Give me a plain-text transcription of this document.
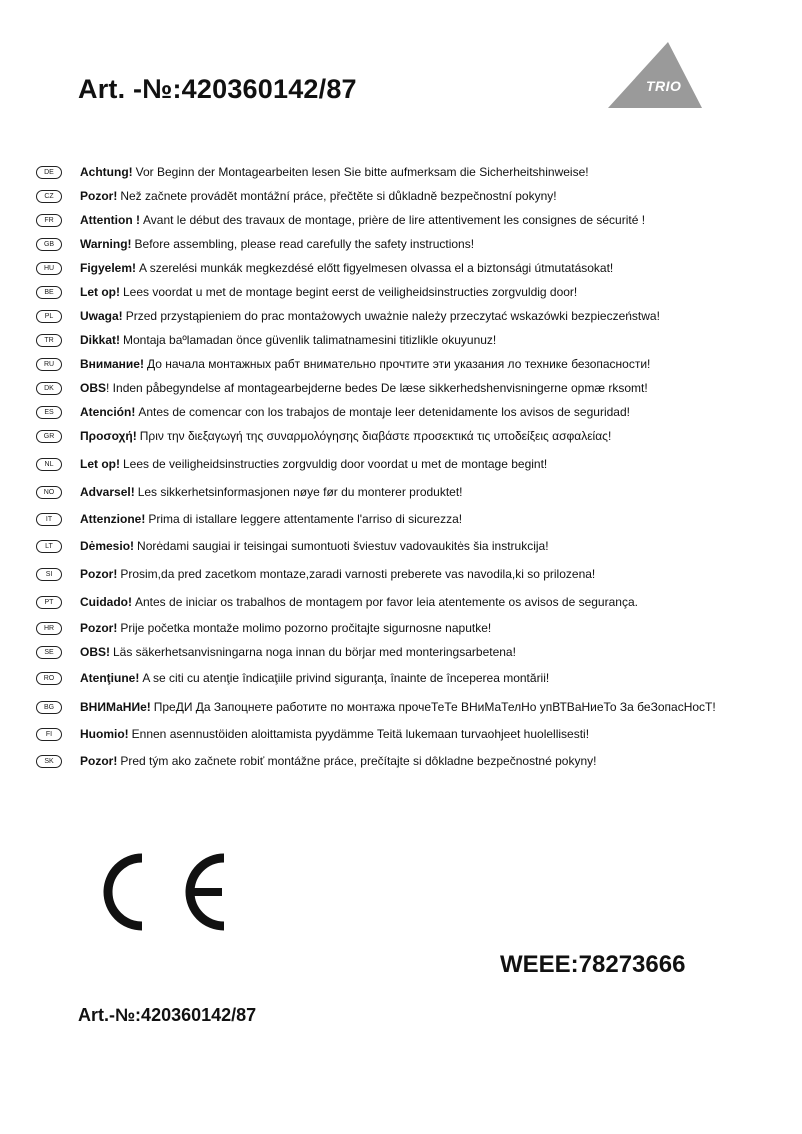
Art. -№:420360142/87	TRIO
DE	Achtung! Vor Beginn der Montagearbeiten lesen Sie bitte aufmerksam die Sicherheitshinweise!
CZ	Pozor! Než začnete provádět montážní práce, přečtěte si důkladně bezpečnostní pokyny!
FR	Attention ! Avant le début des travaux de montage, prière de lire attentivement les consignes de sécurité !
GB	Warning! Before assembling, please read carefully the safety instructions!
HU	Figyelem! A szerelési munkák megkezdésé előtt figyelmesen olvassa el a biztonsági útmutatásokat!
BE	Let op! Lees voordat u met de montage begint eerst de veiligheidsinstructies zorgvuldig door!
PL	Uwaga! Przed przystąpieniem do prac montażowych uważnie należy przeczytać wskazówki bezpieczeństwa!
TR	Dikkat! Montaja baºlamadan önce güvenlik talimatnamesini titizlikle okuyunuz!
RU	Внимание! До начала монтажных рабт внимательно прочтите эти указания ло технике безопасности!
DK	OBS ! Inden påbegyndelse af montagearbejderne bedes De læse sikkerhedshenvisningerne opmæ rksomt!
ES	Atención! Antes de comencar con los trabajos de montaje leer detenidamente los avisos de seguridad!
GR	Προσοχή! Πριν την διεξαγωγή της συναρμολόγησης διαβάστε προσεκτικά τις υποδείξεις ασφαλείας!
NL	Let op! Lees de veiligheidsinstructies zorgvuldig door voordat u met de montage begint!
NO	Advarsel! Les sikkerhetsinformasjonen nøye før du monterer produktet!
IT	Attenzione! Prima di istallare leggere attentamente l'arriso di sicurezza!
LT	Dėmesio! Norėdami saugiai ir teisingai sumontuoti šviestuv vadovaukitės šia instrukcija!
SI	Pozor! Prosim,da pred zacetkom montaze,zaradi varnosti preberete vas navodila,ki so prilozena!
PT	Cuidado! Antes de iniciar os trabalhos de montagem por favor leia atentemente os avisos de segurança.
HR	Pozor! Prije početka montaže molimo pozorno pročitajte sigurnosne naputke!
SE	OBS! Läs säkerhetsanvisningarna noga innan du börjar med monteringsarbetena!
RO	Atenţiune! A se citi cu atenţie îndicaţiile privind siguranţa, înainte de începerea montării!
BG	ВНИМаНИе! ПреДИ Да Запоцнете работите по монтажа прочеТеТе ВНиМаТелНо упВТВаНиеТо За беЗопасНосТ!
FI	Huomio! Ennen asennustöiden aloittamista pyydämme Teitä lukemaan turvaohjeet huolellisesti!
SK	Pozor! Pred tým ako začnete robiť montážne práce, prečítajte si dôkladne bezpečnostné pokyny!
WEEE:78273666
Art.-№:420360142/87
